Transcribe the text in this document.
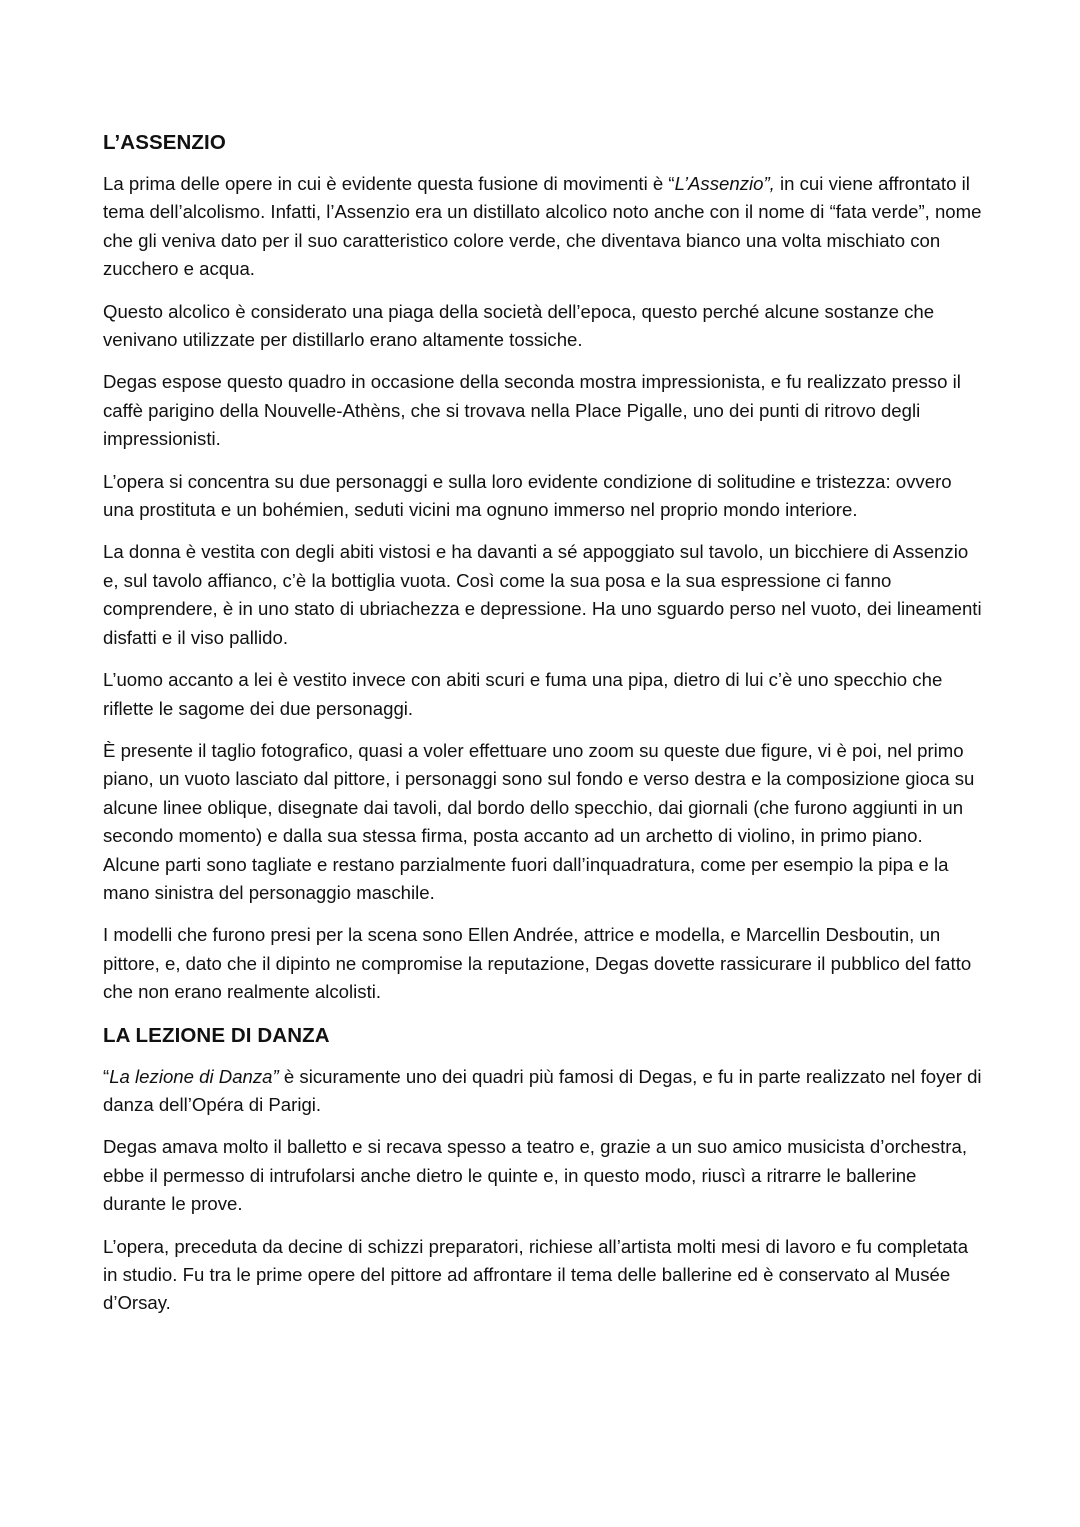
L’ASSENZIO

La prima delle opere in cui è evidente questa fusione di movimenti è “L’Assenzio”, in cui viene affrontato il tema dell’alcolismo. Infatti, l’Assenzio era un distillato alcolico noto anche con il nome di “fata verde”, nome che gli veniva dato per il suo caratteristico colore verde, che diventava bianco una volta mischiato con zucchero e acqua.

Questo alcolico è considerato una piaga della società dell’epoca, questo perché alcune sostanze che venivano utilizzate per distillarlo erano altamente tossiche.

Degas espose questo quadro in occasione della seconda mostra impressionista, e fu realizzato presso il caffè parigino della Nouvelle-Athèns, che si trovava nella Place Pigalle, uno dei punti di ritrovo degli impressionisti.

L’opera si concentra su due personaggi e sulla loro evidente condizione di solitudine e tristezza: ovvero una prostituta e un bohémien, seduti vicini ma ognuno immerso nel proprio mondo interiore.

La donna è vestita con degli abiti vistosi e ha davanti a sé appoggiato sul tavolo, un bicchiere di Assenzio e, sul tavolo affianco, c’è la bottiglia vuota. Così come la sua posa e la sua espressione ci fanno comprendere, è in uno stato di ubriachezza e depressione. Ha uno sguardo perso nel vuoto, dei lineamenti disfatti e il viso pallido.

L’uomo accanto a lei è vestito invece con abiti scuri e fuma una pipa, dietro di lui c’è uno specchio che riflette le sagome dei due personaggi.

È presente il taglio fotografico, quasi a voler effettuare uno zoom su queste due figure, vi è poi, nel primo piano, un vuoto lasciato dal pittore, i personaggi sono sul fondo e verso destra e la composizione gioca su alcune linee oblique, disegnate dai tavoli, dal bordo dello specchio, dai giornali (che furono aggiunti in un secondo momento) e dalla sua stessa firma, posta accanto ad un archetto di violino, in primo piano. Alcune parti sono tagliate e restano parzialmente fuori dall’inquadratura, come per esempio la pipa e la mano sinistra del personaggio maschile.

I modelli che furono presi per la scena sono Ellen Andrée, attrice e modella, e Marcellin Desboutin, un pittore, e, dato che il dipinto ne compromise la reputazione, Degas dovette rassicurare il pubblico del fatto che non erano realmente alcolisti.

LA LEZIONE DI DANZA

“La lezione di Danza” è sicuramente uno dei quadri più famosi di Degas, e fu in parte realizzato nel foyer di danza dell’Opéra di Parigi.

Degas amava molto il balletto e si recava spesso a teatro e, grazie a un suo amico musicista d’orchestra, ebbe il permesso di intrufolarsi anche dietro le quinte e, in questo modo, riuscì a ritrarre le ballerine durante le prove.

L’opera, preceduta da decine di schizzi preparatori, richiese all’artista molti mesi di lavoro e fu completata in studio. Fu tra le prime opere del pittore ad affrontare il tema delle ballerine ed è conservato al Musée d’Orsay.
